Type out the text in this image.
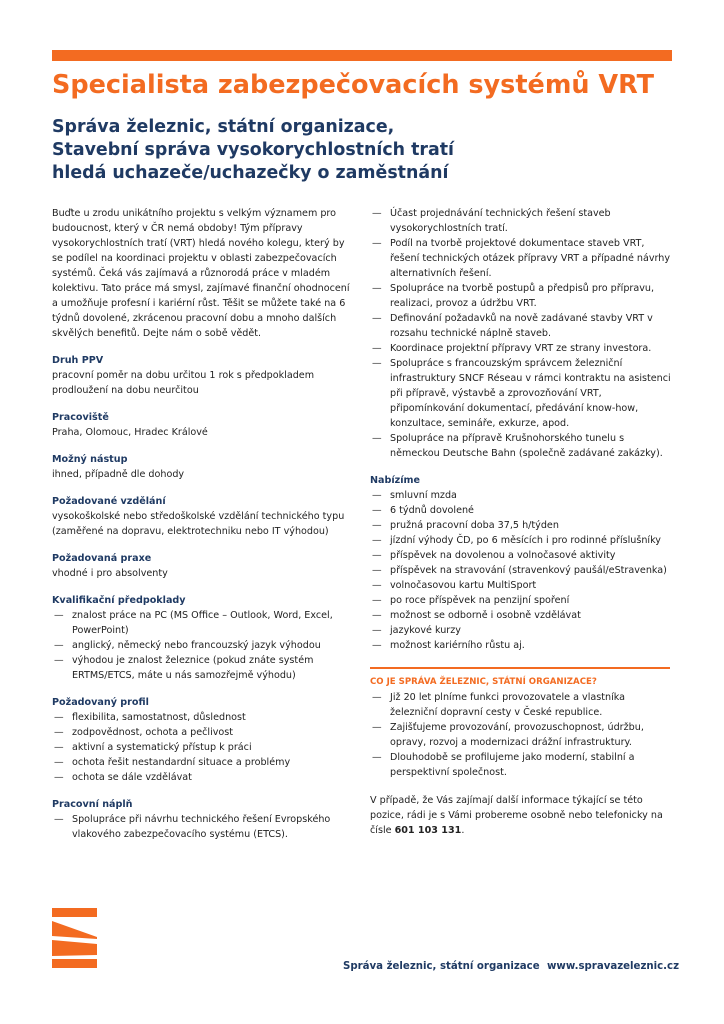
Specialista zabezpečovacích systémů VRT
Správa železnic, státní organizace,
Stavební správa vysokorychlostních tratí
hledá uchazeče/uchazečky o zaměstnání

Buďte u zrodu unikátního projektu s velkým významem pro budoucnost, který v ČR nemá obdoby! Tým přípravy vysokorychlostních tratí (VRT) hledá nového kolegu, který by se podílel na koordinaci projektu v oblasti zabezpečovacích systémů. Čeká vás zajímavá a různorodá práce v mladém kolektivu. Tato práce má smysl, zajímavé finanční ohodnocení a umožňuje profesní i kariérní růst. Těšit se můžete také na 6 týdnů dovolené, zkrácenou pracovní dobu a mnoho dalších skvělých benefitů. Dejte nám o sobě vědět.

Druh PPV

pracovní poměr na dobu určitou 1 rok s předpokladem prodloužení na dobu neurčitou

Pracoviště

Praha, Olomouc, Hradec Králové

Možný nástup

ihned, případně dle dohody

Požadované vzdělání

vysokoškolské nebo středoškolské vzdělání technického typu (zaměřené na dopravu, elektrotechniku nebo IT výhodou)

Požadovaná praxe

vhodné i pro absolventy

Kvalifikační předpoklady

— znalost práce na PC (MS Office – Outlook, Word, Excel, PowerPoint)
— anglický, německý nebo francouzský jazyk výhodou
— výhodou je znalost železnice (pokud znáte systém ERTMS/ETCS, máte u nás samozřejmě výhodu)

Požadovaný profil

— flexibilita, samostatnost, důslednost
— zodpovědnost, ochota a pečlivost
— aktivní a systematický přístup k práci
— ochota řešit nestandardní situace a problémy
— ochota se dále vzdělávat

Pracovní náplň

— Spolupráce při návrhu technického řešení Evropského vlakového zabezpečovacího systému (ETCS).
— Účast projednávání technických řešení staveb vysokorychlostních tratí.
— Podíl na tvorbě projektové dokumentace staveb VRT, řešení technických otázek přípravy VRT a případné návrhy alternativních řešení.
— Spolupráce na tvorbě postupů a předpisů pro přípravu, realizaci, provoz a údržbu VRT.
— Definování požadavků na nově zadávané stavby VRT v rozsahu technické náplně staveb.
— Koordinace projektní přípravy VRT ze strany investora.
— Spolupráce s francouzským správcem železniční infrastruktury SNCF Réseau v rámci kontraktu na asistenci při přípravě, výstavbě a zprovozňování VRT, připomínkování dokumentací, předávání know-how, konzultace, semináře, exkurze, apod.
— Spolupráce na přípravě Krušnohorského tunelu s německou Deutsche Bahn (společně zadávané zakázky).

Nabízíme

— smluvní mzda
— 6 týdnů dovolené
— pružná pracovní doba 37,5 h/týden
— jízdní výhody ČD, po 6 měsících i pro rodinné příslušníky
— příspěvek na dovolenou a volnočasové aktivity
— příspěvek na stravování (stravenkový paušál/eStravenka)
— volnočasovou kartu MultiSport
— po roce příspěvek na penzijní spoření
— možnost se odborně i osobně vzdělávat
— jazykové kurzy
— možnost kariérního růstu aj.

CO JE SPRÁVA ŽELEZNIC, STÁTNÍ ORGANIZACE?

— Již 20 let plníme funkci provozovatele a vlastníka železniční dopravní cesty v České republice.
— Zajišťujeme provozování, provozuschopnost, údržbu, opravy, rozvoj a modernizaci drážní infrastruktury.
— Dlouhodobě se profilujeme jako moderní, stabilní a perspektivní společnost.

V případě, že Vás zajímají další informace týkající se této pozice, rádi je s Vámi probereme osobně nebo telefonicky na čísle 601 103 131.

Správa železnic, státní organizace www.spravazeleznic.cz
